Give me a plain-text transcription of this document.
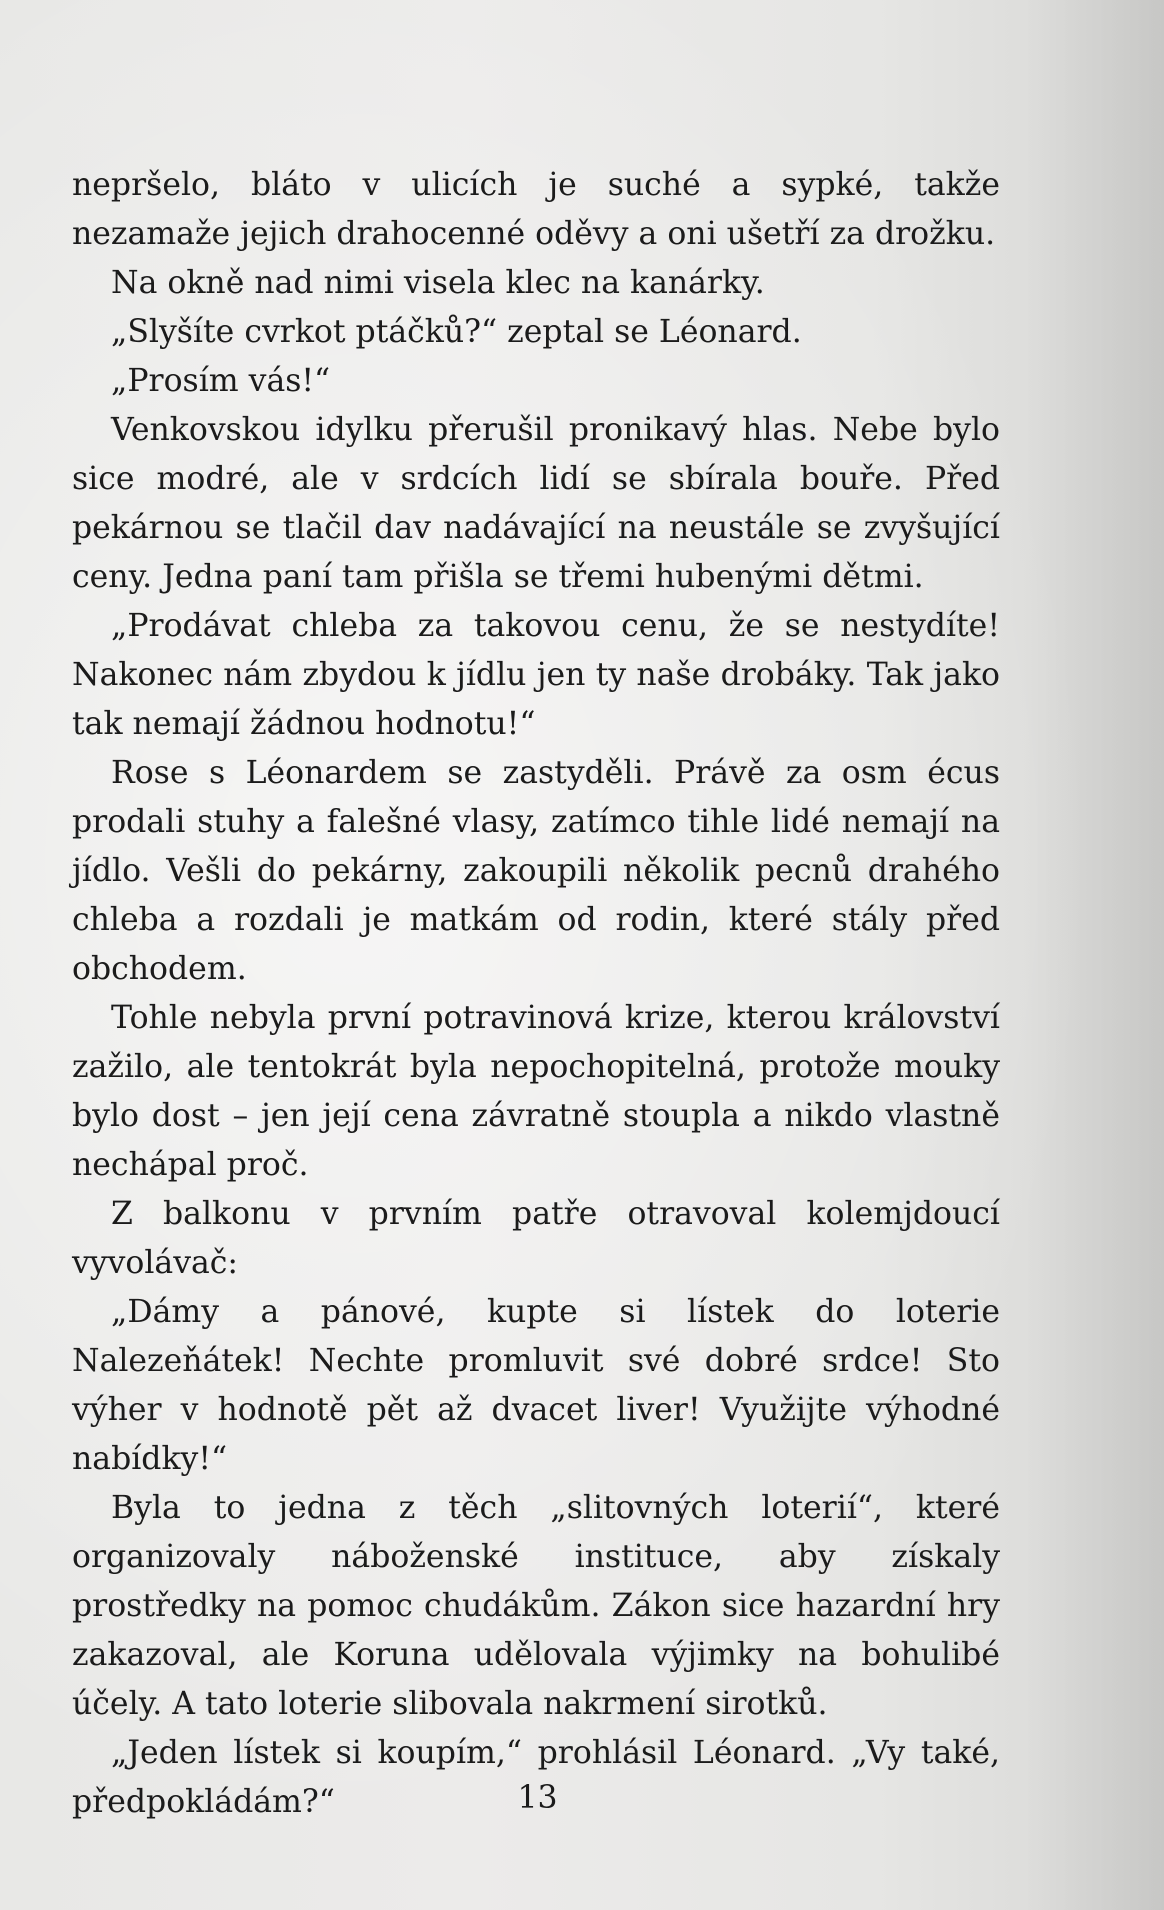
nepršelo, bláto v ulicích je suché a sypké, takže nezamaže jejich drahocenné oděvy a oni ušetří za drožku.

Na okně nad nimi visela klec na kanárky.

„Slyšíte cvrkot ptáčků?“ zeptal se Léonard.

„Prosím vás!“

Venkovskou idylku přerušil pronikavý hlas. Nebe bylo sice modré, ale v srdcích lidí se sbírala bouře. Před pekárnou se tlačil dav nadávající na neustále se zvyšující ceny. Jedna paní tam přišla se třemi hubenými dětmi.

„Prodávat chleba za takovou cenu, že se nestydíte! Nakonec nám zbydou k jídlu jen ty naše drobáky. Tak jako tak nemají žádnou hodnotu!“

Rose s Léonardem se zastyděli. Právě za osm écus prodali stuhy a falešné vlasy, zatímco tihle lidé nemají na jídlo. Vešli do pekárny, zakoupili několik pecnů drahého chleba a rozdali je matkám od rodin, které stály před obchodem.

Tohle nebyla první potravinová krize, kterou království zažilo, ale tentokrát byla nepochopitelná, protože mouky bylo dost – jen její cena závratně stoupla a nikdo vlastně nechápal proč.

Z balkonu v prvním patře otravoval kolemjdoucí vyvolávač:

„Dámy a pánové, kupte si lístek do loterie Nalezeňátek! Nechte promluvit své dobré srdce! Sto výher v hodnotě pět až dvacet liver! Využijte výhodné nabídky!“

Byla to jedna z těch „slitovných loterií“, které organizovaly náboženské instituce, aby získaly prostředky na pomoc chudákům. Zákon sice hazardní hry zakazoval, ale Koruna udělovala výjimky na bohulibé účely. A tato loterie slibovala nakrmení sirotků.

„Jeden lístek si koupím,“ prohlásil Léonard. „Vy také, předpokládám?“	13
